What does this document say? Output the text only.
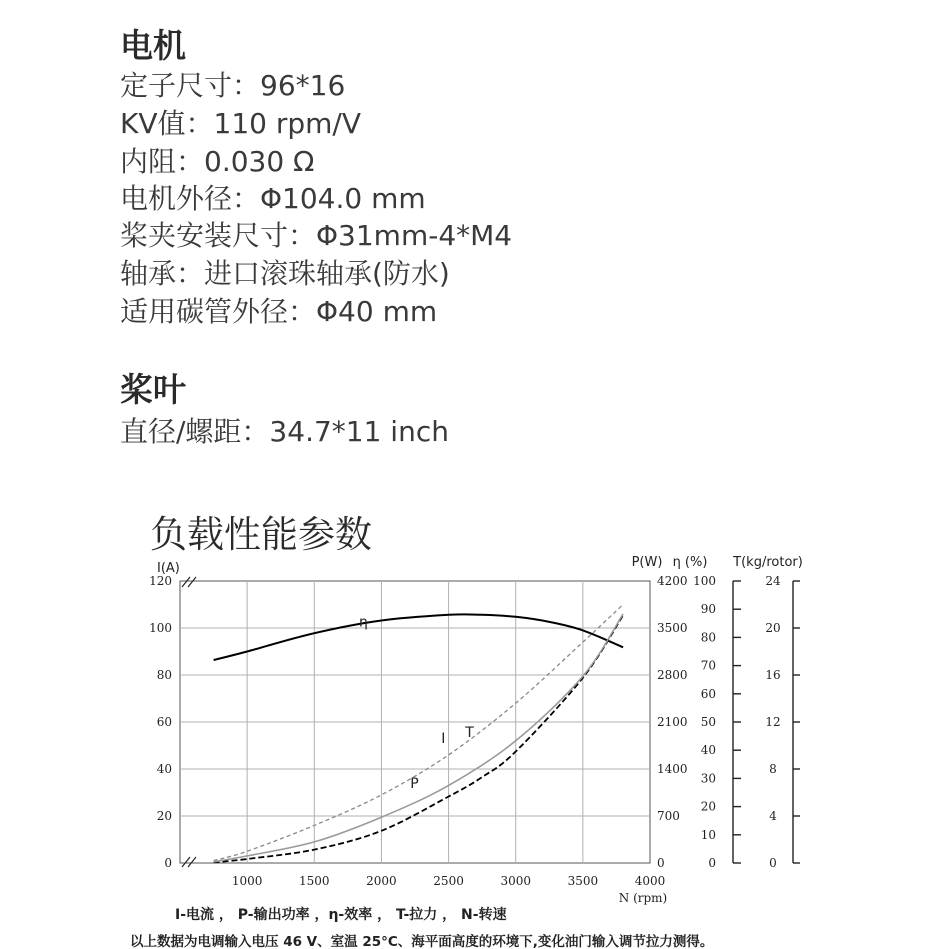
电机

定子尺寸：96*16

KV值：110 rpm/V

内阻：0.030 Ω

电机外径：Φ104.0 mm

桨夹安装尺寸：Φ31mm-4*M4

轴承：进口滚珠轴承(防水)

适用碳管外径：Φ40 mm

桨叶

直径/螺距：34.7*11 inch

负载性能参数
1000	1500	2000	2500	3000	3500	4000
0
20
40
60
80
100
120
0
700
1400
2100
2800
3500
4200
0
10
20
30
40
50
60
70
80
90
100
0
4
8
12
16
20
24
I(A)	P(W) η (%) T(kg/rotor)
N (rpm)
η
I
P
T
I-电流 ， P-输出功率 ，η-效率 ， T-拉力 ， N-转速
以上数据为电调输入电压 46 V、室温 25°C、海平面高度的环境下,变化油门输入调节拉力测得。
